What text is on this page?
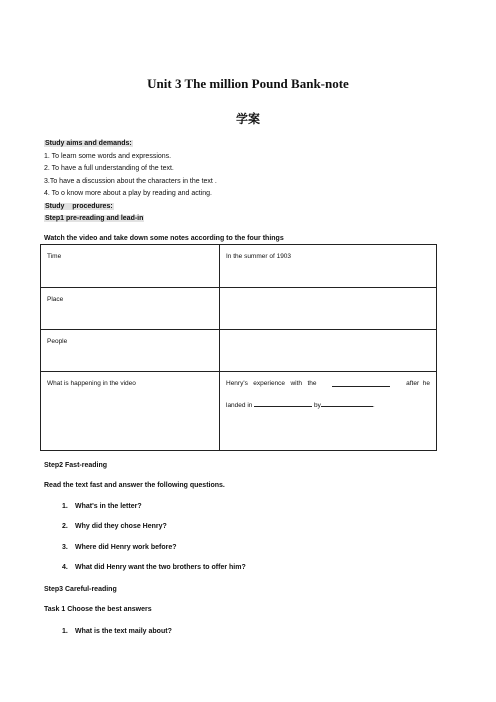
Unit 3 The million Pound Bank-note
学案
Study aims and demands:
1. To learn some words and expressions.
2. To have a full understanding of the text.
3.To have a discussion about the characters in the text .
4. To o know more about a play by reading and acting.
Study    procedures:
Step1 pre-reading and lead-in
Watch the video and take down some notes according to the four things
Time	In the summer of 1903
Place	
People	
What is happening in the video	Henry's   experience   with   the after  he
landed in by .
Step2 Fast-reading
Read the text fast and answer the following questions.
1. What's in the letter?
2. Why did they chose Henry?
3. Where did Henry work before?
4. What did Henry want the two brothers to offer him?
Step3 Careful-reading
Task 1 Choose the best answers
1. What is the text maily about?
